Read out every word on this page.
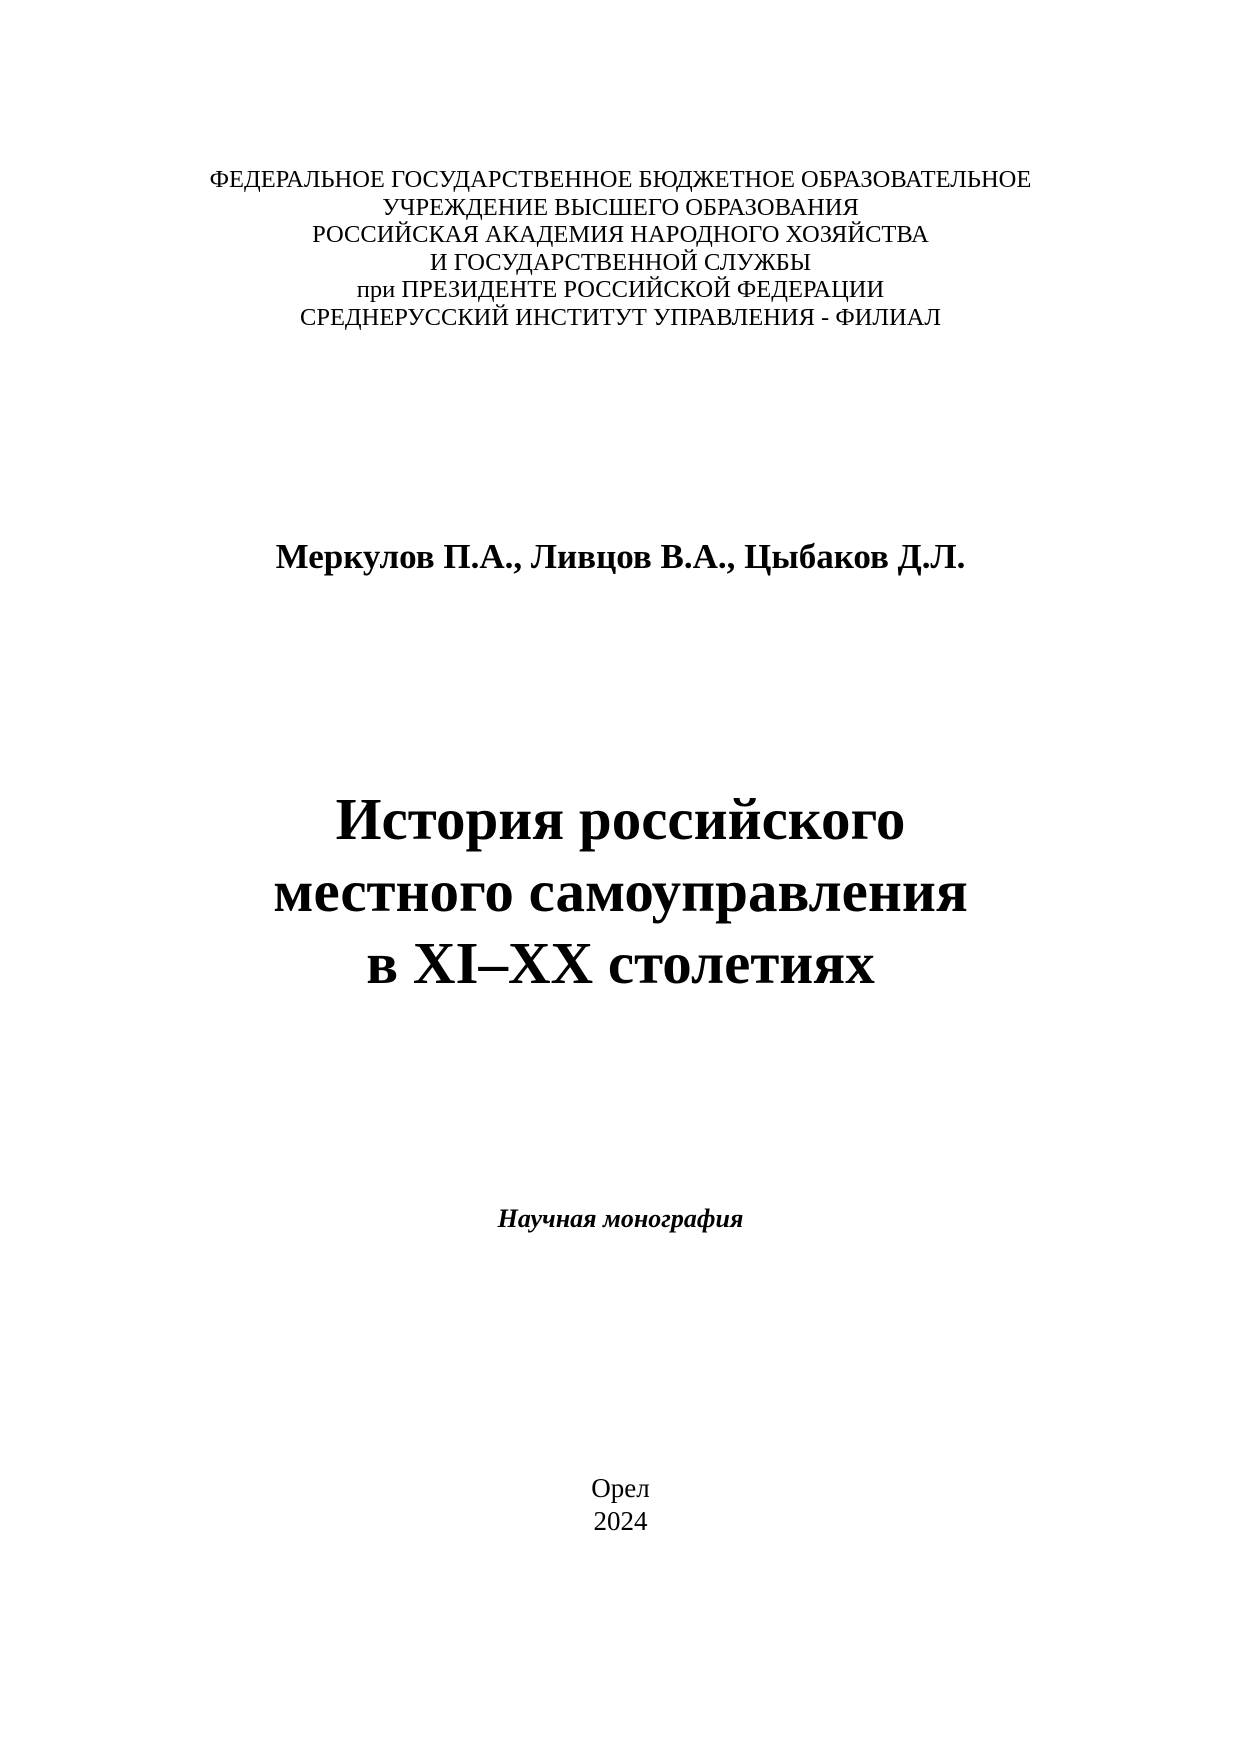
ФЕДЕРАЛЬНОЕ ГОСУДАРСТВЕННОЕ БЮДЖЕТНОЕ ОБРАЗОВАТЕЛЬНОЕ
УЧРЕЖДЕНИЕ ВЫСШЕГО ОБРАЗОВАНИЯ
РОССИЙСКАЯ АКАДЕМИЯ НАРОДНОГО ХОЗЯЙСТВА
И ГОСУДАРСТВЕННОЙ СЛУЖБЫ
при ПРЕЗИДЕНТЕ РОССИЙСКОЙ ФЕДЕРАЦИИ
СРЕДНЕРУССКИЙ ИНСТИТУТ УПРАВЛЕНИЯ - ФИЛИАЛ
Меркулов П.А., Ливцов В.А., Цыбаков Д.Л.
История российского
местного самоуправления
в XI–XX столетиях
Научная монография
Орел
2024
